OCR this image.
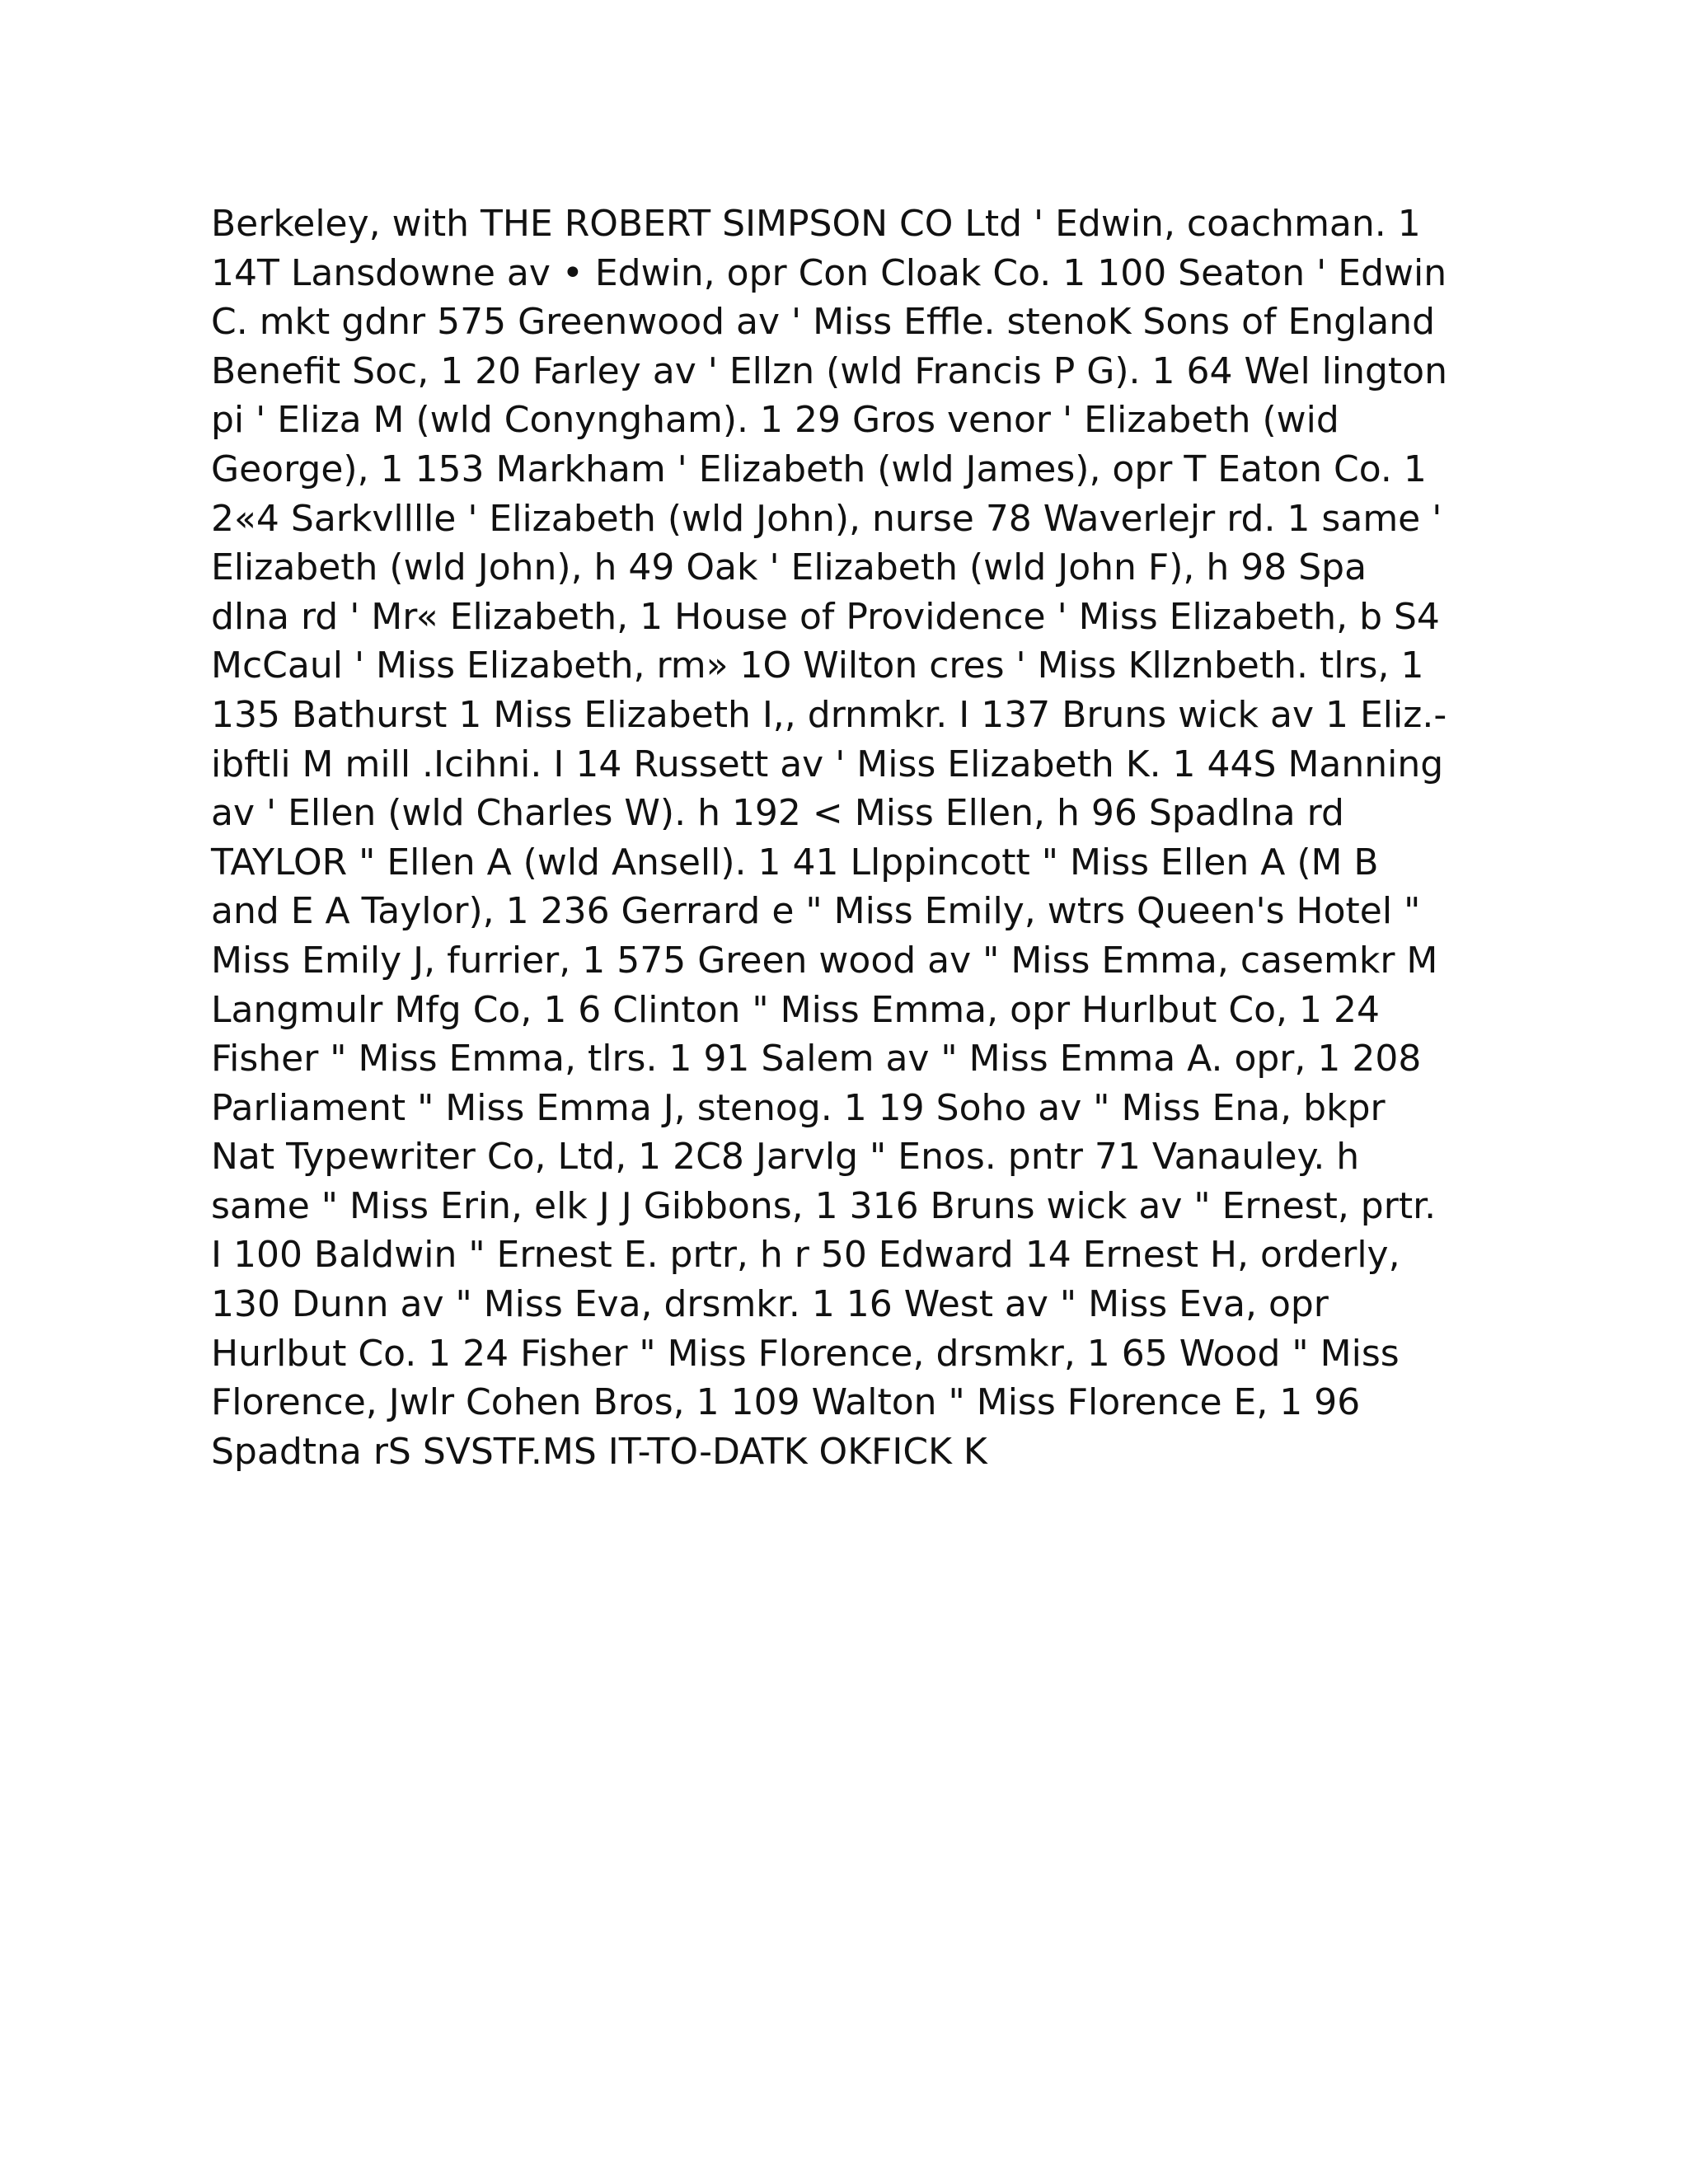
Berkeley, with THE ROBERT SIMPSON CO Ltd ' Edwin, coachman. 1
14T Lansdowne av • Edwin, opr Con Cloak Co. 1 100 Seaton ' Edwin
C. mkt gdnr 575 Greenwood av ' Miss Effle. stenoK Sons of England
Benefit Soc, 1 20 Farley av ' Ellzn (wld Francis P G). 1 64 Wel lington
pi ' Eliza M (wld Conyngham). 1 29 Gros venor ' Elizabeth (wid
George), 1 153 Markham ' Elizabeth (wld James), opr T Eaton Co. 1
2«4 Sarkvlllle ' Elizabeth (wld John), nurse 78 Waverlejr rd. 1 same '
Elizabeth (wld John), h 49 Oak ' Elizabeth (wld John F), h 98 Spa
dlna rd ' Mr« Elizabeth, 1 House of Providence ' Miss Elizabeth, b S4
McCaul ' Miss Elizabeth, rm» 1O Wilton cres ' Miss Kllznbeth. tlrs, 1
135 Bathurst 1 Miss Elizabeth I,, drnmkr. I 137 Bruns wick av 1 Eliz.-
ibftli M mill .Icihni. I 14 Russett av ' Miss Elizabeth K. 1 44S Manning
av ' Ellen (wld Charles W). h 192 < Miss Ellen, h 96 Spadlna rd
TAYLOR " Ellen A (wld Ansell). 1 41 Llppincott " Miss Ellen A (M B
and E A Taylor), 1 236 Gerrard e " Miss Emily, wtrs Queen's Hotel "
Miss Emily J, furrier, 1 575 Green wood av " Miss Emma, casemkr M
Langmulr Mfg Co, 1 6 Clinton " Miss Emma, opr Hurlbut Co, 1 24
Fisher " Miss Emma, tlrs. 1 91 Salem av " Miss Emma A. opr, 1 208
Parliament " Miss Emma J, stenog. 1 19 Soho av " Miss Ena, bkpr
Nat Typewriter Co, Ltd, 1 2C8 Jarvlg " Enos. pntr 71 Vanauley. h
same " Miss Erin, elk J J Gibbons, 1 316 Bruns wick av " Ernest, prtr.
I 100 Baldwin " Ernest E. prtr, h r 50 Edward 14 Ernest H, orderly,
130 Dunn av " Miss Eva, drsmkr. 1 16 West av " Miss Eva, opr
Hurlbut Co. 1 24 Fisher " Miss Florence, drsmkr, 1 65 Wood " Miss
Florence, Jwlr Cohen Bros, 1 109 Walton " Miss Florence E, 1 96
Spadtna rS SVSTF.MS IT-TO-DATK OKFICK K
